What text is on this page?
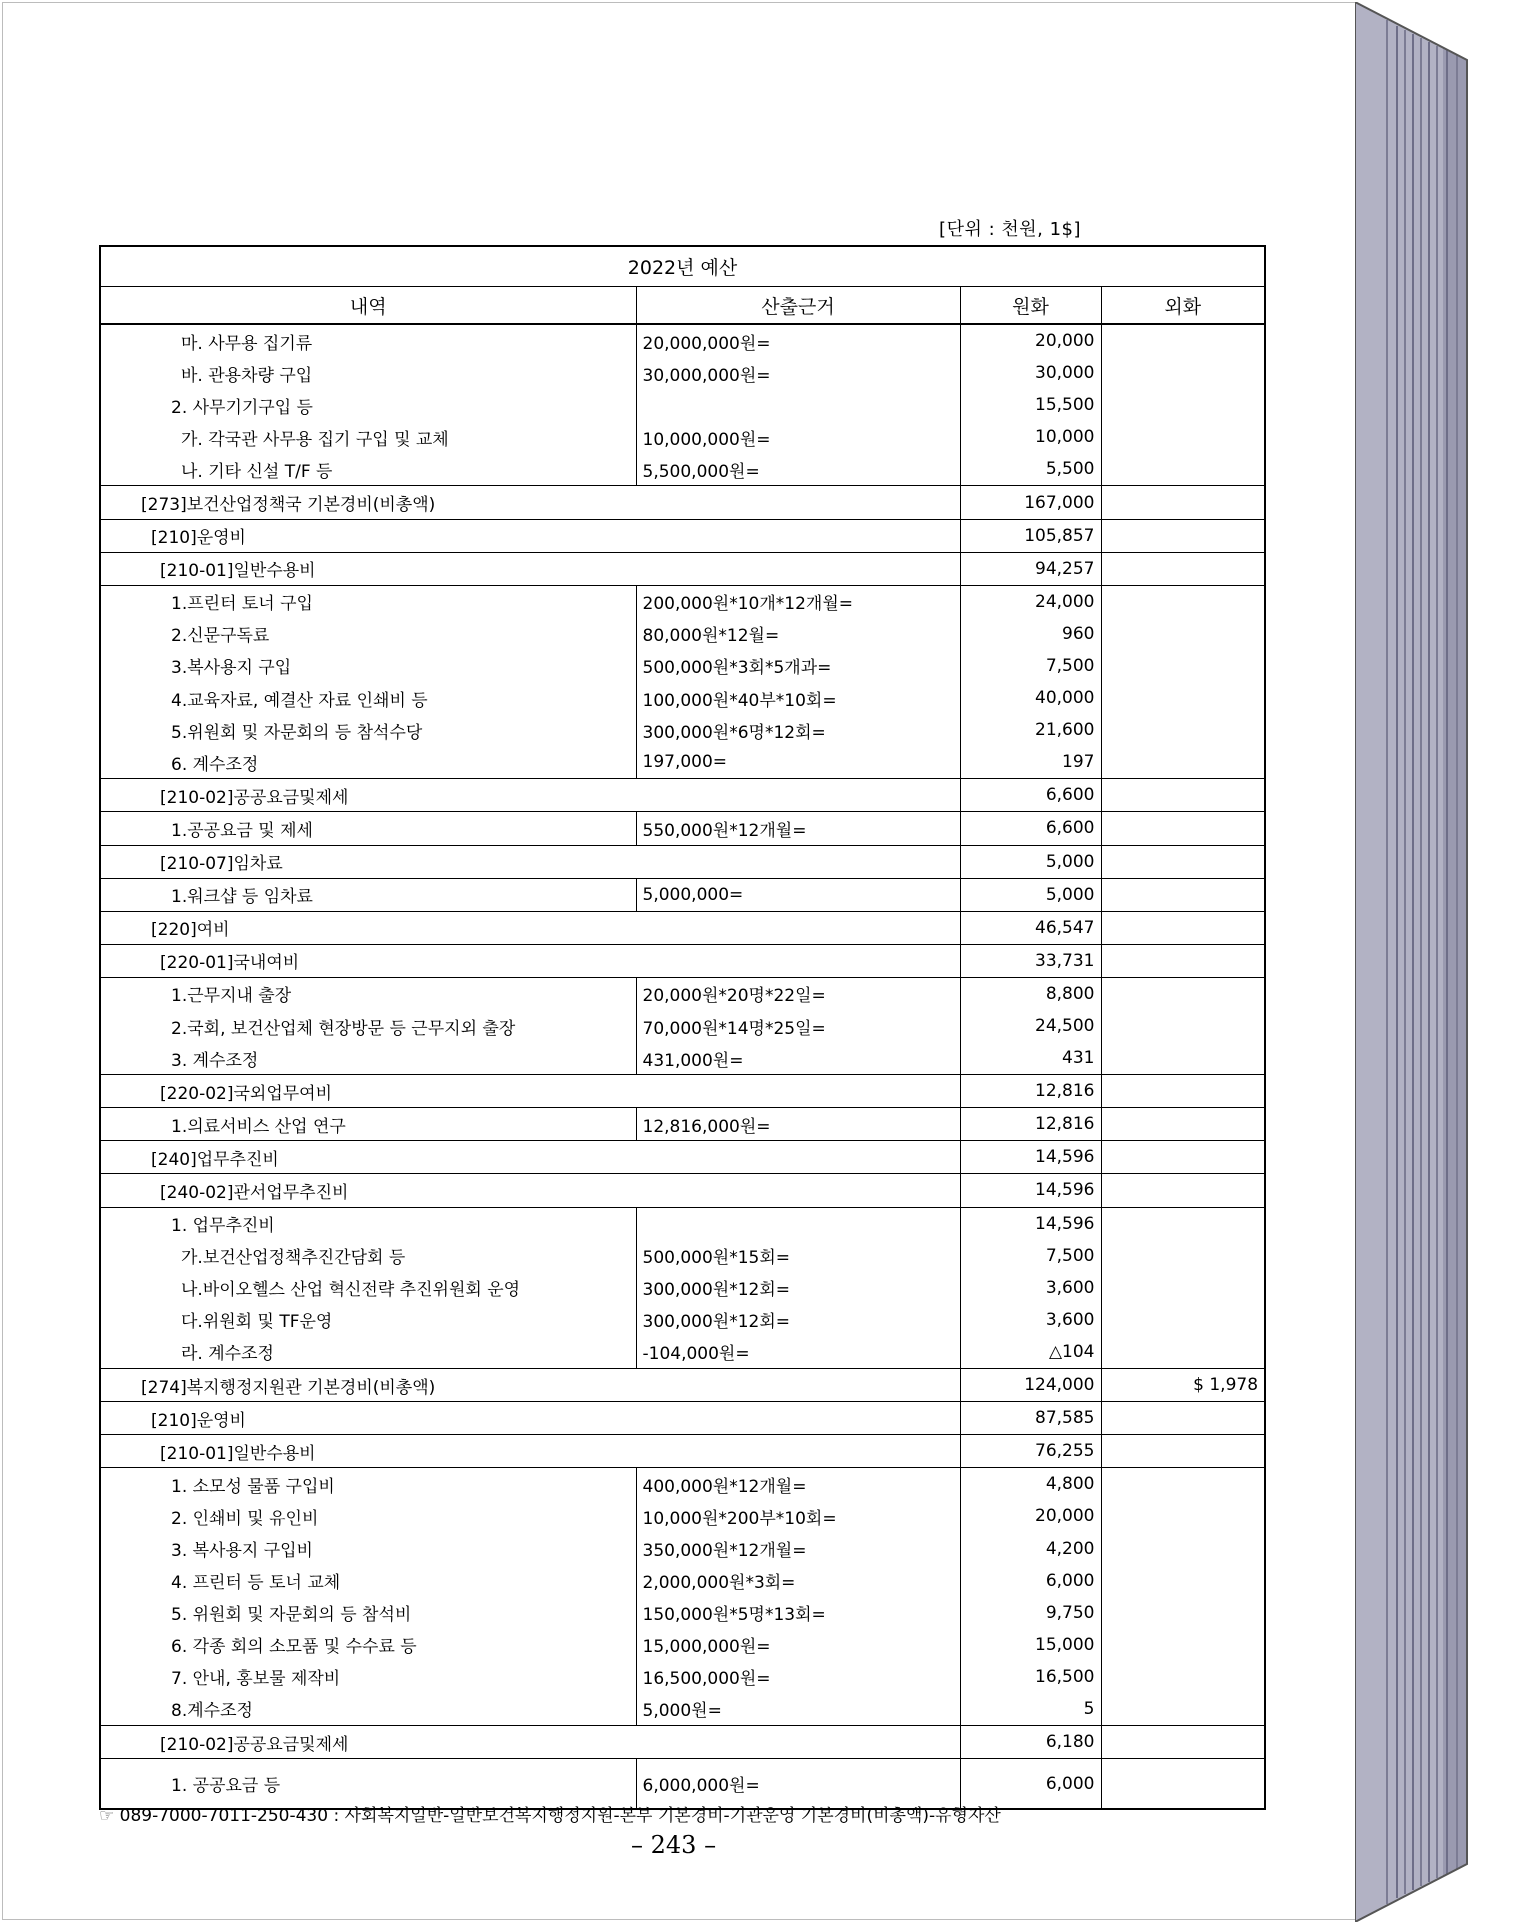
[단위 : 천원, 1$]
2022년 예산			
내역	산출근거	원화	외화
마. 사무용 집기류	20,000,000원=	20,000	
바. 관용차량 구입	30,000,000원=	30,000	
2. 사무기기구입 등		15,500	
가. 각국관 사무용 집기 구입 및 교체	10,000,000원=	10,000	
나. 기타 신설 T/F 등	5,500,000원=	5,500	
[273]보건산업정책국 기본경비(비총액)		167,000	
[210]운영비		105,857	
[210-01]일반수용비		94,257	
1.프린터 토너 구입	200,000원*10개*12개월=	24,000	
2.신문구독료	80,000원*12월=	960	
3.복사용지 구입	500,000원*3회*5개과=	7,500	
4.교육자료, 예결산 자료 인쇄비 등	100,000원*40부*10회=	40,000	
5.위원회 및 자문회의 등 참석수당	300,000원*6명*12회=	21,600	
6. 계수조정	197,000=	197	
[210-02]공공요금및제세		6,600	
1.공공요금 및 제세	550,000원*12개월=	6,600	
[210-07]임차료		5,000	
1.워크샵 등 임차료	5,000,000=	5,000	
[220]여비		46,547	
[220-01]국내여비		33,731	
1.근무지내 출장	20,000원*20명*22일=	8,800	
2.국회, 보건산업체 현장방문 등 근무지외 출장	70,000원*14명*25일=	24,500	
3. 계수조정	431,000원=	431	
[220-02]국외업무여비		12,816	
1.의료서비스 산업 연구	12,816,000원=	12,816	
[240]업무추진비		14,596	
[240-02]관서업무추진비		14,596	
1. 업무추진비		14,596	
가.보건산업정책추진간담회 등	500,000원*15회=	7,500	
나.바이오헬스 산업 혁신전략 추진위원회 운영	300,000원*12회=	3,600	
다.위원회 및 TF운영	300,000원*12회=	3,600	
라. 계수조정	-104,000원=	△104	
[274]복지행정지원관 기본경비(비총액)		124,000	$ 1,978
[210]운영비		87,585	
[210-01]일반수용비		76,255	
1. 소모성 물품 구입비	400,000원*12개월=	4,800	
2. 인쇄비 및 유인비	10,000원*200부*10회=	20,000	
3. 복사용지 구입비	350,000원*12개월=	4,200	
4. 프린터 등 토너 교체	2,000,000원*3회=	6,000	
5. 위원회 및 자문회의 등 참석비	150,000원*5명*13회=	9,750	
6. 각종 회의 소모품 및 수수료 등	15,000,000원=	15,000	
7. 안내, 홍보물 제작비	16,500,000원=	16,500	
8.계수조정	5,000원=	5	
[210-02]공공요금및제세		6,180	
1. 공공요금 등	6,000,000원=	6,000	
☞ 089-7000-7011-250-430 : 사회복지일반-일반보건복지행정지원-본부 기본경비-기관운영 기본경비(비총액)-유형자산
– 243 –
